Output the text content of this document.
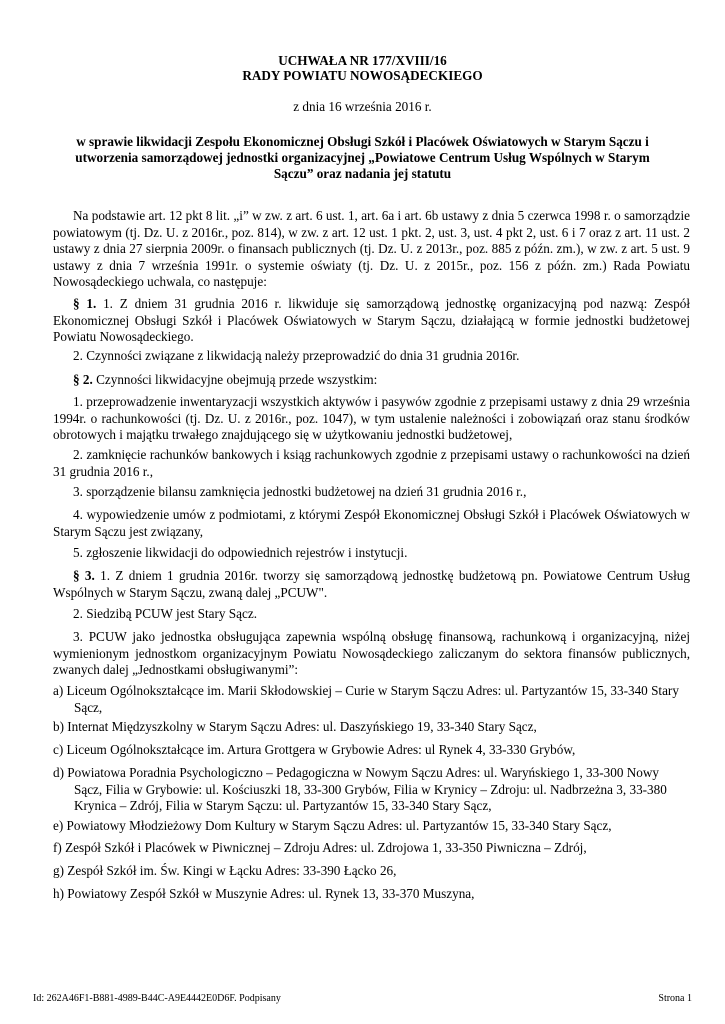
UCHWAŁA NR 177/XVIII/16
RADY POWIATU NOWOSĄDECKIEGO
z dnia 16 września 2016 r.
w sprawie likwidacji Zespołu Ekonomicznej Obsługi Szkół i Placówek Oświatowych w Starym Sączu i
utworzenia samorządowej jednostki organizacyjnej „Powiatowe Centrum Usług Wspólnych w Starym
Sączu” oraz nadania jej statutu
Na podstawie art. 12 pkt 8 lit. „i” w zw. z art. 6 ust. 1, art. 6a i art. 6b ustawy z dnia 5 czerwca 1998 r. o samorządzie powiatowym (tj. Dz. U. z 2016r., poz. 814), w zw. z art. 12 ust. 1 pkt. 2, ust. 3, ust. 4 pkt 2, ust. 6 i 7 oraz z art. 11 ust. 2 ustawy z dnia 27 sierpnia 2009r. o finansach publicznych (tj. Dz. U. z 2013r., poz. 885 z późn. zm.), w zw. z art. 5 ust. 9 ustawy z dnia 7 września 1991r. o systemie oświaty (tj. Dz. U. z 2015r., poz. 156 z późn. zm.) Rada Powiatu Nowosądeckiego uchwala, co następuje:
§ 1. 1. Z dniem 31 grudnia 2016 r. likwiduje się samorządową jednostkę organizacyjną pod nazwą: Zespół Ekonomicznej Obsługi Szkół i Placówek Oświatowych w Starym Sączu, działającą w formie jednostki budżetowej Powiatu Nowosądeckiego.
2. Czynności związane z likwidacją należy przeprowadzić do dnia 31 grudnia 2016r.
§ 2. Czynności likwidacyjne obejmują przede wszystkim:
1. przeprowadzenie inwentaryzacji wszystkich aktywów i pasywów zgodnie z przepisami ustawy z dnia 29 września 1994r. o rachunkowości (tj. Dz. U. z 2016r., poz. 1047), w tym ustalenie należności i zobowiązań oraz stanu środków obrotowych i majątku trwałego znajdującego się w użytkowaniu jednostki budżetowej,
2. zamknięcie rachunków bankowych i ksiąg rachunkowych zgodnie z przepisami ustawy o rachunkowości na dzień 31 grudnia 2016 r.,
3. sporządzenie bilansu zamknięcia jednostki budżetowej na dzień 31 grudnia 2016 r.,
4. wypowiedzenie umów z podmiotami, z którymi Zespół Ekonomicznej Obsługi Szkół i Placówek Oświatowych w Starym Sączu jest związany,
5. zgłoszenie likwidacji do odpowiednich rejestrów i instytucji.
§ 3. 1. Z dniem 1 grudnia 2016r. tworzy się samorządową jednostkę budżetową pn. Powiatowe Centrum Usług Wspólnych w Starym Sączu, zwaną dalej „PCUW".
2. Siedzibą PCUW jest Stary Sącz.
3. PCUW jako jednostka obsługująca zapewnia wspólną obsługę finansową, rachunkową i organizacyjną, niżej wymienionym jednostkom organizacyjnym Powiatu Nowosądeckiego zaliczanym do sektora finansów publicznych, zwanych dalej „Jednostkami obsługiwanymi”:
a) Liceum Ogólnokształcące im. Marii Skłodowskiej – Curie w Starym Sączu Adres: ul. Partyzantów 15, 33-340 Stary Sącz,
b) Internat Międzyszkolny w Starym Sączu Adres: ul. Daszyńskiego 19, 33-340 Stary Sącz,
c) Liceum Ogólnokształcące im. Artura Grottgera w Grybowie Adres: ul Rynek 4, 33-330 Grybów,
d) Powiatowa Poradnia Psychologiczno – Pedagogiczna w Nowym Sączu Adres: ul. Waryńskiego 1, 33-300 Nowy Sącz, Filia w Grybowie: ul. Kościuszki 18, 33-300 Grybów, Filia w Krynicy – Zdroju: ul. Nadbrzeżna 3, 33-380 Krynica – Zdrój, Filia w Starym Sączu: ul. Partyzantów 15, 33-340 Stary Sącz,
e) Powiatowy Młodzieżowy Dom Kultury w Starym Sączu Adres: ul. Partyzantów 15, 33-340 Stary Sącz,
f) Zespół Szkół i Placówek w Piwnicznej – Zdroju Adres: ul. Zdrojowa 1, 33-350 Piwniczna – Zdrój,
g) Zespół Szkół im. Św. Kingi w Łącku Adres: 33-390 Łącko 26,
h) Powiatowy Zespół Szkół w Muszynie Adres: ul. Rynek 13, 33-370 Muszyna,
Id: 262A46F1-B881-4989-B44C-A9E4442E0D6F. Podpisany	Strona 1
